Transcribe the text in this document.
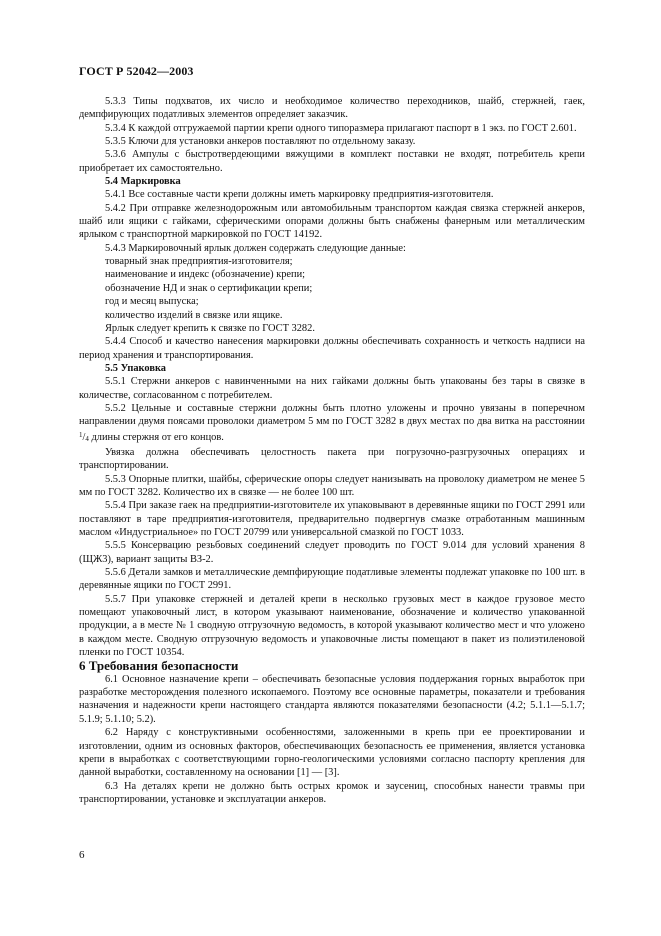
ГОСТ Р 52042—2003

5.3.3 Типы подхватов, их число и необходимое количество переходников, шайб, стержней, гаек, демпфирующих податливых элементов определяет заказчик.

5.3.4 К каждой отгружаемой партии крепи одного типоразмера прилагают паспорт в 1 экз. по ГОСТ 2.601.

5.3.5 Ключи для установки анкеров поставляют по отдельному заказу.

5.3.6 Ампулы с быстротвердеющими вяжущими в комплект поставки не входят, потребитель крепи приобретает их самостоятельно.

5.4 Маркировка

5.4.1 Все составные части крепи должны иметь маркировку предприятия-изготовителя.

5.4.2 При отправке железнодорожным или автомобильным транспортом каждая связка стержней анкеров, шайб или ящики с гайками, сферическими опорами должны быть снабжены фанерным или металлическим ярлыком с транспортной маркировкой по ГОСТ 14192.

5.4.3 Маркировочный ярлык должен содержать следующие данные:

товарный знак предприятия-изготовителя;

наименование и индекс (обозначение) крепи;

обозначение НД и знак о сертификации крепи;

год и месяц выпуска;

количество изделий в связке или ящике.

Ярлык следует крепить к связке по ГОСТ 3282.

5.4.4 Способ и качество нанесения маркировки должны обеспечивать сохранность и четкость надписи на период хранения и транспортирования.

5.5 Упаковка

5.5.1 Стержни анкеров с навинченными на них гайками должны быть упакованы без тары в связке в количестве, согласованном с потребителем.

5.5.2 Цельные и составные стержни должны быть плотно уложены и прочно увязаны в поперечном направлении двумя поясами проволоки диаметром 5 мм по ГОСТ 3282 в двух местах по два витка на расстоянии $^1$/4 длины стержня от его концов.

Увязка должна обеспечивать целостность пакета при погрузочно-разгрузочных операциях и транспортировании.

5.5.3 Опорные плитки, шайбы, сферические опоры следует нанизывать на проволоку диаметром не менее 5 мм по ГОСТ 3282. Количество их в связке — не более 100 шт.

5.5.4 При заказе гаек на предприятии-изготовителе их упаковывают в деревянные ящики по ГОСТ 2991 или поставляют в таре предприятия-изготовителя, предварительно подвергнув смазке отработанным машинным маслом «Индустриальное» по ГОСТ 20799 или универсальной смазкой по ГОСТ 1033.

5.5.5 Консервацию резьбовых соединений следует проводить по ГОСТ 9.014 для условий хранения 8 (ЩЖ3), вариант защиты ВЗ-2.

5.5.6 Детали замков и металлические демпфирующие податливые элементы подлежат упаковке по 100 шт. в деревянные ящики по ГОСТ 2991.

5.5.7 При упаковке стержней и деталей крепи в несколько грузовых мест в каждое грузовое место помещают упаковочный лист, в котором указывают наименование, обозначение и количество упакованной продукции, а в месте № 1 сводную отгрузочную ведомость, в которой указывают количество мест и что уложено в каждом месте. Сводную отгрузочную ведомость и упаковочные листы помещают в пакет из полиэтиленовой пленки по ГОСТ 10354.

6 Требования безопасности

6.1 Основное назначение крепи – обеспечивать безопасные условия поддержания горных выработок при разработке месторождения полезного ископаемого. Поэтому все основные параметры, показатели и требования назначения и надежности крепи настоящего стандарта являются показателями безопасности (4.2; 5.1.1—5.1.7; 5.1.9; 5.1.10; 5.2).

6.2 Наряду с конструктивными особенностями, заложенными в крепь при ее проектировании и изготовлении, одним из основных факторов, обеспечивающих безопасность ее применения, является установка крепи в выработках с соответствующими горно-геологическими условиями согласно паспорту крепления для данной выработки, составленному на основании [1] — [3].

6.3 На деталях крепи не должно быть острых кромок и заусениц, способных нанести травмы при транспортировании, установке и эксплуатации анкеров.

6
